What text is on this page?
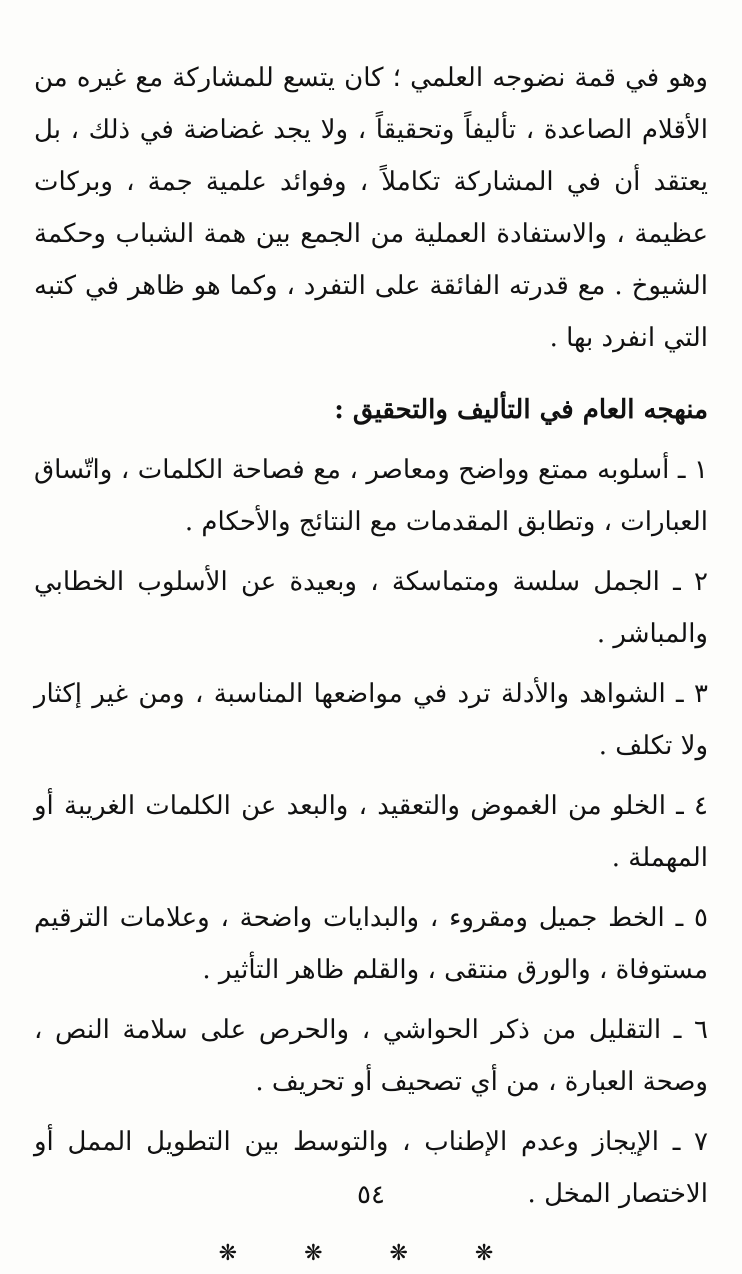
وهو في قمة نضوجه العلمي ؛ كان يتسع للمشاركة مع غيره من الأقلام الصاعدة ، تأليفاً وتحقيقاً ، ولا يجد غضاضة في ذلك ، بل يعتقد أن في المشاركة تكاملاً ، وفوائد علمية جمة ، وبركات عظيمة ، والاستفادة العملية من الجمع بين همة الشباب وحكمة الشيوخ . مع قدرته الفائقة على التفرد ، وكما هو ظاهر في كتبه التي انفرد بها .

منهجه العام في التأليف والتحقيق :

١ ـ أسلوبه ممتع وواضح ومعاصر ، مع فصاحة الكلمات ، واتّساق العبارات ، وتطابق المقدمات مع النتائج والأحكام .

٢ ـ الجمل سلسة ومتماسكة ، وبعيدة عن الأسلوب الخطابي والمباشر .

٣ ـ الشواهد والأدلة ترد في مواضعها المناسبة ، ومن غير إكثار ولا تكلف .

٤ ـ الخلو من الغموض والتعقيد ، والبعد عن الكلمات الغريبة أو المهملة .

٥ ـ الخط جميل ومقروء ، والبدايات واضحة ، وعلامات الترقيم مستوفاة ، والورق منتقى ، والقلم ظاهر التأثير .

٦ ـ التقليل من ذكر الحواشي ، والحرص على سلامة النص ، وصحة العبارة ، من أي تصحيف أو تحريف .

٧ ـ الإيجاز وعدم الإطناب ، والتوسط بين التطويل الممل أو الاختصار المخل .

❋ ❋ ❋ ❋
٥٤
